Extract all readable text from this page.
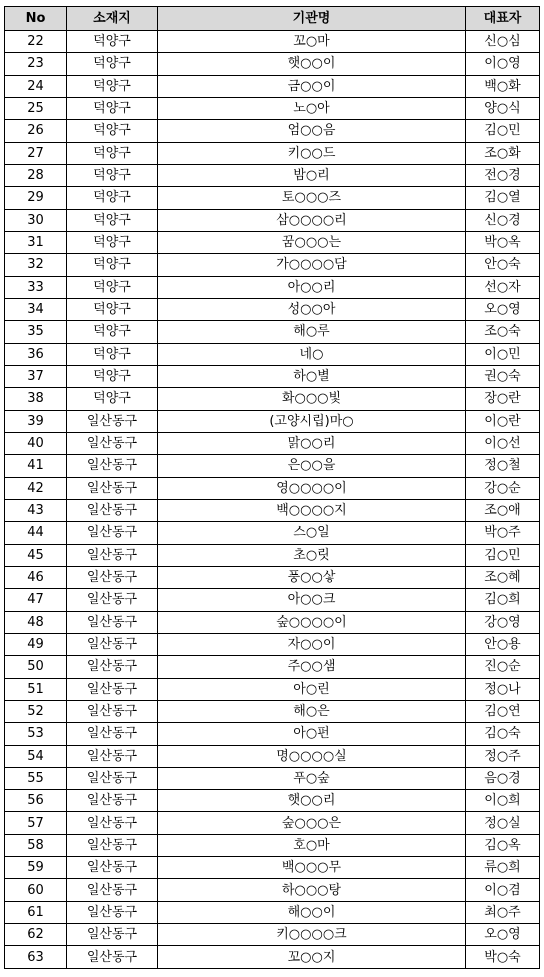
No	소재지	기관명	대표자
22	덕양구	꼬○마	신○심
23	덕양구	햇○○이	이○영
24	덕양구	금○○이	백○화
25	덕양구	노○아	양○식
26	덕양구	엄○○음	김○민
27	덕양구	키○○드	조○화
28	덕양구	밤○리	전○경
29	덕양구	토○○○즈	김○열
30	덕양구	삼○○○○리	신○경
31	덕양구	꿈○○○는	박○옥
32	덕양구	가○○○○담	안○숙
33	덕양구	아○○리	선○자
34	덕양구	성○○아	오○영
35	덕양구	해○루	조○숙
36	덕양구	네○	이○민
37	덕양구	하○별	권○숙
38	덕양구	화○○○빛	장○란
39	일산동구	(고양시립)마○	이○란
40	일산동구	맑○○리	이○선
41	일산동구	은○○을	정○철
42	일산동구	영○○○○이	강○순
43	일산동구	백○○○○지	조○애
44	일산동구	스○일	박○주
45	일산동구	초○릿	김○민
46	일산동구	풍○○샇	조○혜
47	일산동구	아○○크	김○희
48	일산동구	숲○○○○이	강○영
49	일산동구	자○○이	안○용
50	일산동구	주○○샘	진○순
51	일산동구	아○린	정○나
52	일산동구	해○은	김○연
53	일산동구	아○펀	김○숙
54	일산동구	명○○○○실	정○주
55	일산동구	푸○숲	음○경
56	일산동구	햇○○리	이○희
57	일산동구	숲○○○은	정○실
58	일산동구	호○마	김○옥
59	일산동구	백○○○무	류○희
60	일산동구	하○○○탕	이○겸
61	일산동구	해○○이	최○주
62	일산동구	키○○○○크	오○영
63	일산동구	꼬○○지	박○숙
